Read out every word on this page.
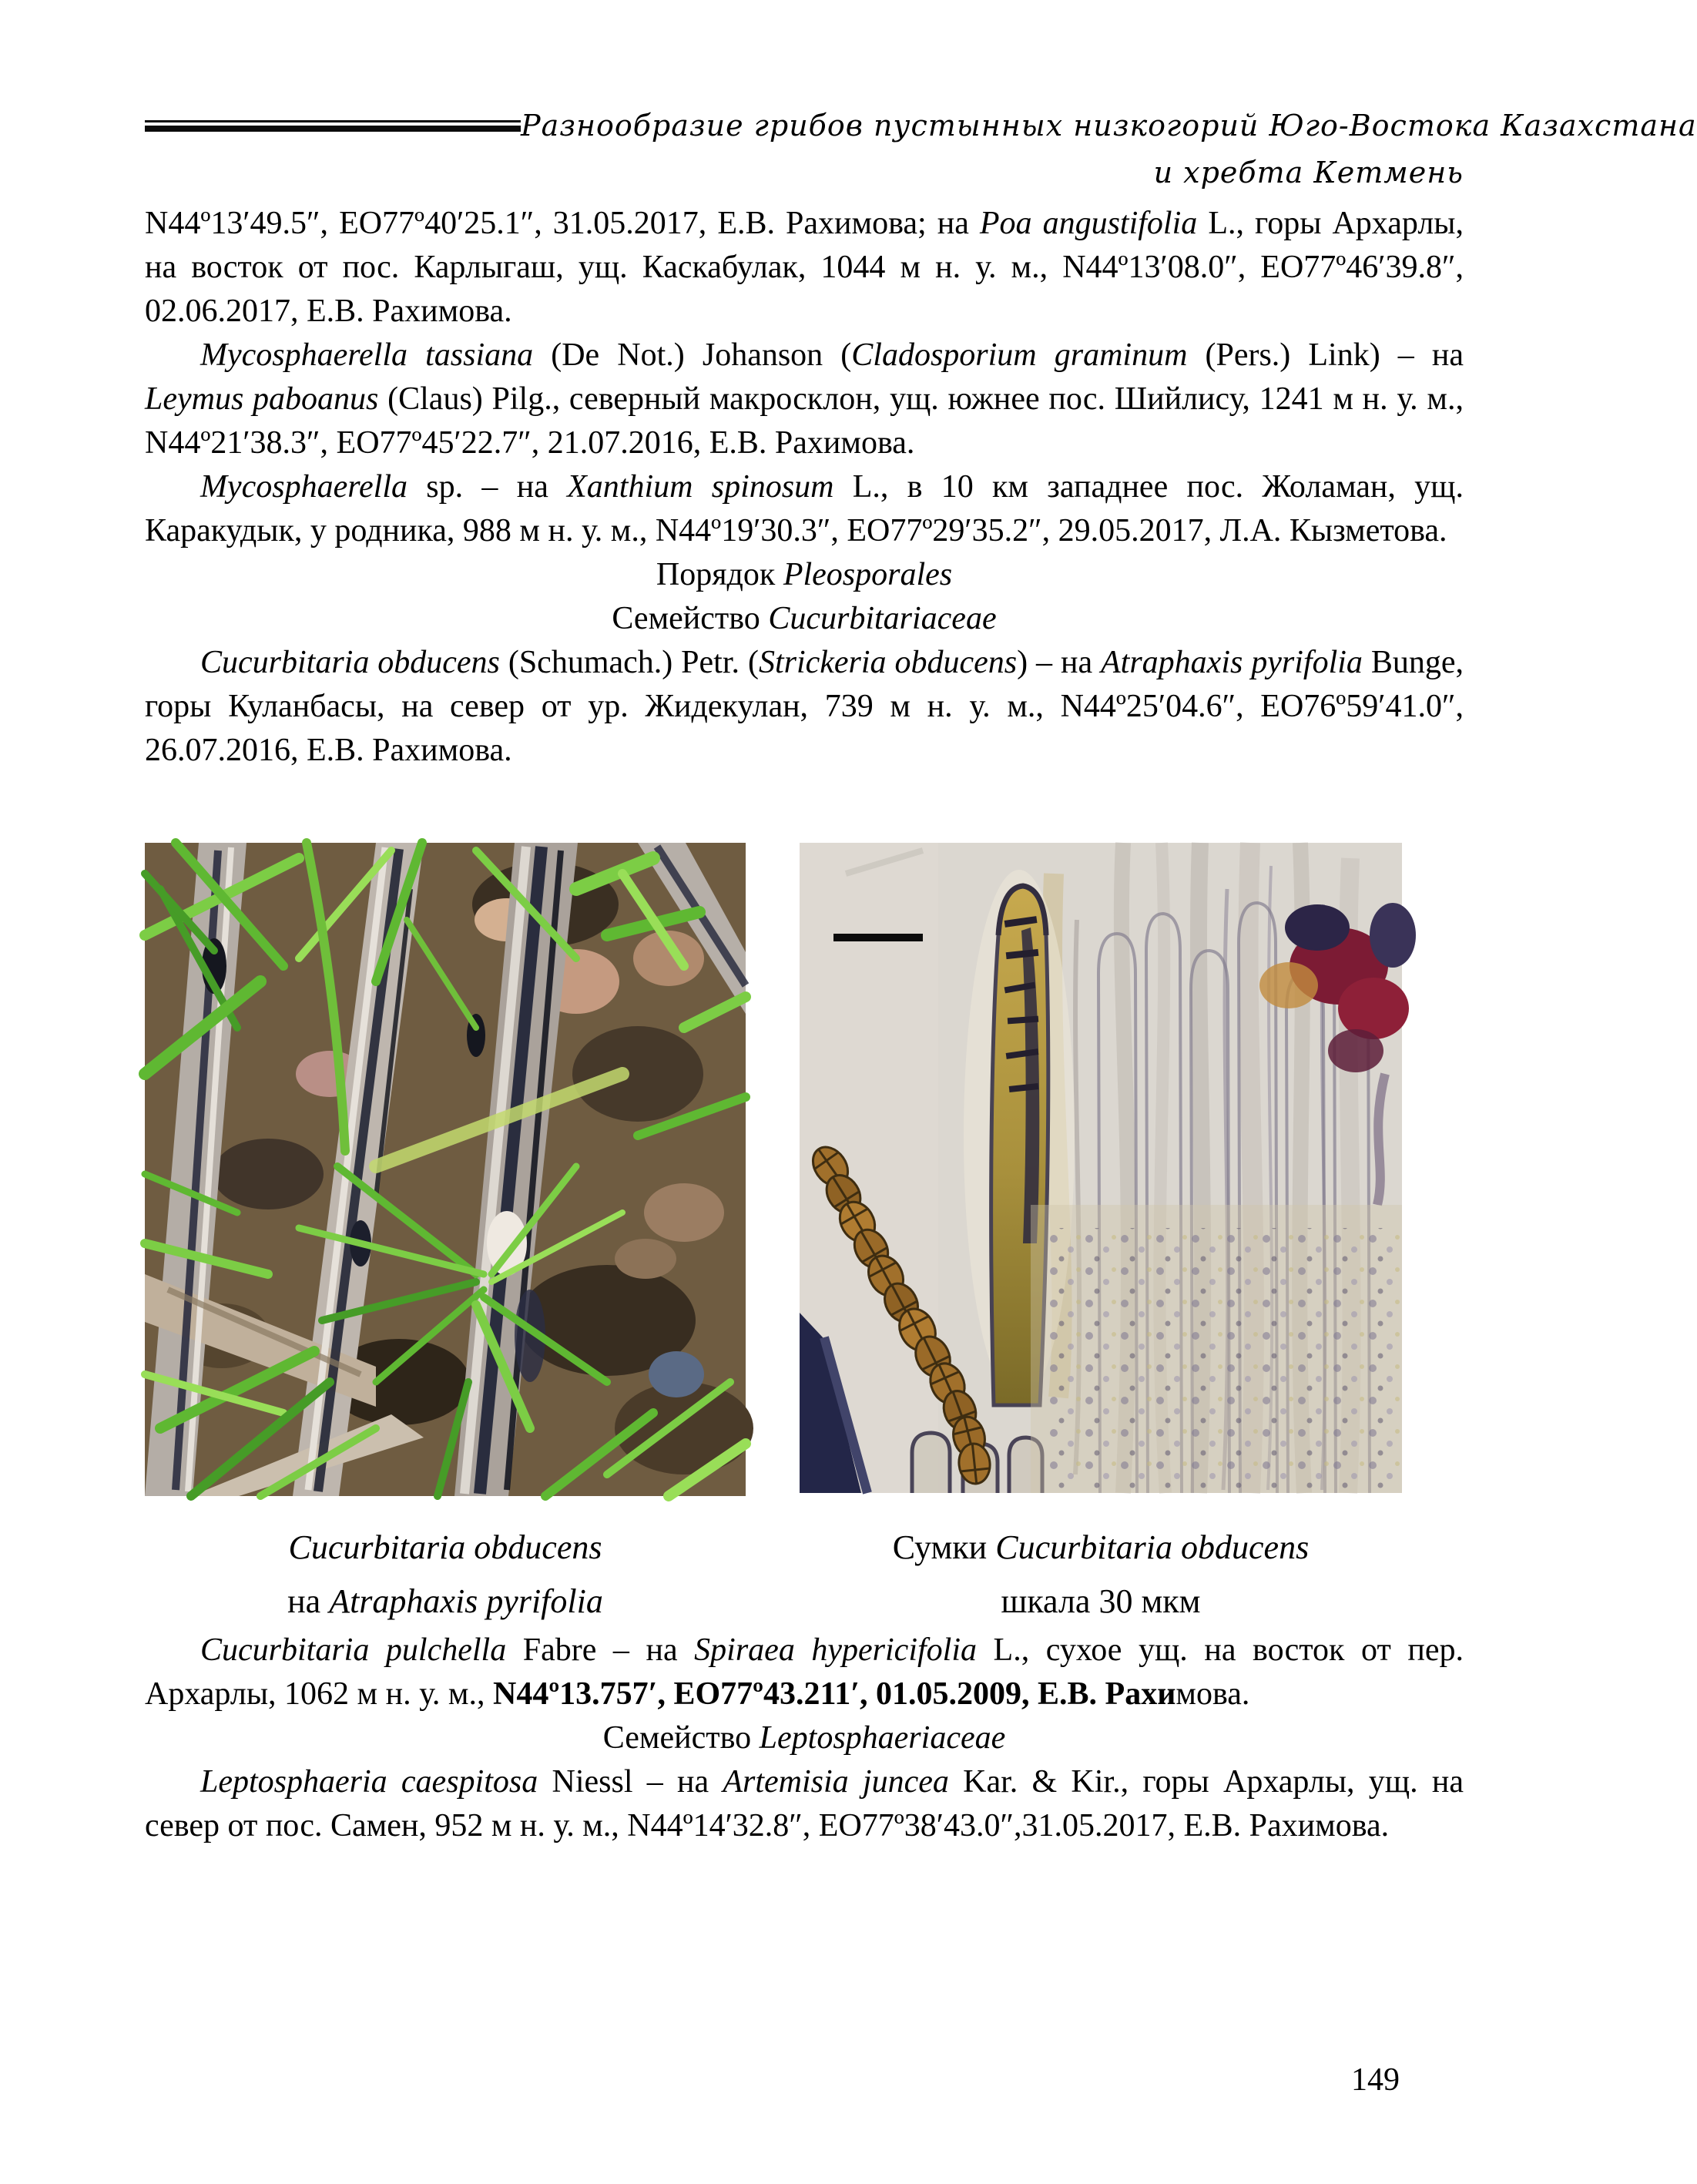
Разнообразие грибов пустынных низкогорий Юго-Востока Казахстана
и хребта Кетмень

N44º13′49.5″, EO77º40′25.1″, 31.05.2017, Е.В. Рахимова; на Poa angustifolia L., горы Архарлы, на восток от пос. Карлыгаш, ущ. Каскабулак, 1044 м н. у. м., N44º13′08.0″, EO77º46′39.8″, 02.06.2017, Е.В. Рахимова.

Mycosphaerella tassiana (De Not.) Johanson (Cladosporium graminum (Pers.) Link) – на Leymus paboanus (Claus) Pilg., северный макросклон, ущ. южнее пос. Шийлису, 1241 м н. у. м., N44º21′38.3″, EO77º45′22.7″, 21.07.2016, Е.В. Рахимова.

Mycosphaerella sp. – на Xanthium spinosum L., в 10 км западнее пос. Жоламан, ущ. Каракудык, у родника, 988 м н. у. м., N44º19′30.3″, EO77º29′35.2″, 29.05.2017, Л.А. Кызметова.

Порядок Pleosporales

Семейство Cucurbitariaceae

Cucurbitaria obducens (Schumach.) Petr. (Strickeria obducens) – на Atraphaxis pyrifolia Bunge, горы Куланбасы, на север от ур. Жидекулан, 739 м н. у. м., N44º25′04.6″, EO76º59′41.0″, 26.07.2016, Е.В. Рахимова.

Cucurbitaria obducens
на Atraphaxis pyrifolia
Сумки Cucurbitaria obducens
шкала 30 мкм

Cucurbitaria pulchella Fabre – на Spiraea hypericifolia L., сухое ущ. на восток от пер. Архарлы, 1062 м н. у. м., N44º13.757′, EO77º43.211′, 01.05.2009, Е.В. Рахимова.

Семейство Leptosphaeriaceae

Leptosphaeria caespitosa Niessl – на Artemisia juncea Kar. & Kir., горы Архарлы, ущ. на север от пос. Самен, 952 м н. у. м., N44º14′32.8″, EO77º38′43.0″,31.05.2017, Е.В. Рахимова.

149
